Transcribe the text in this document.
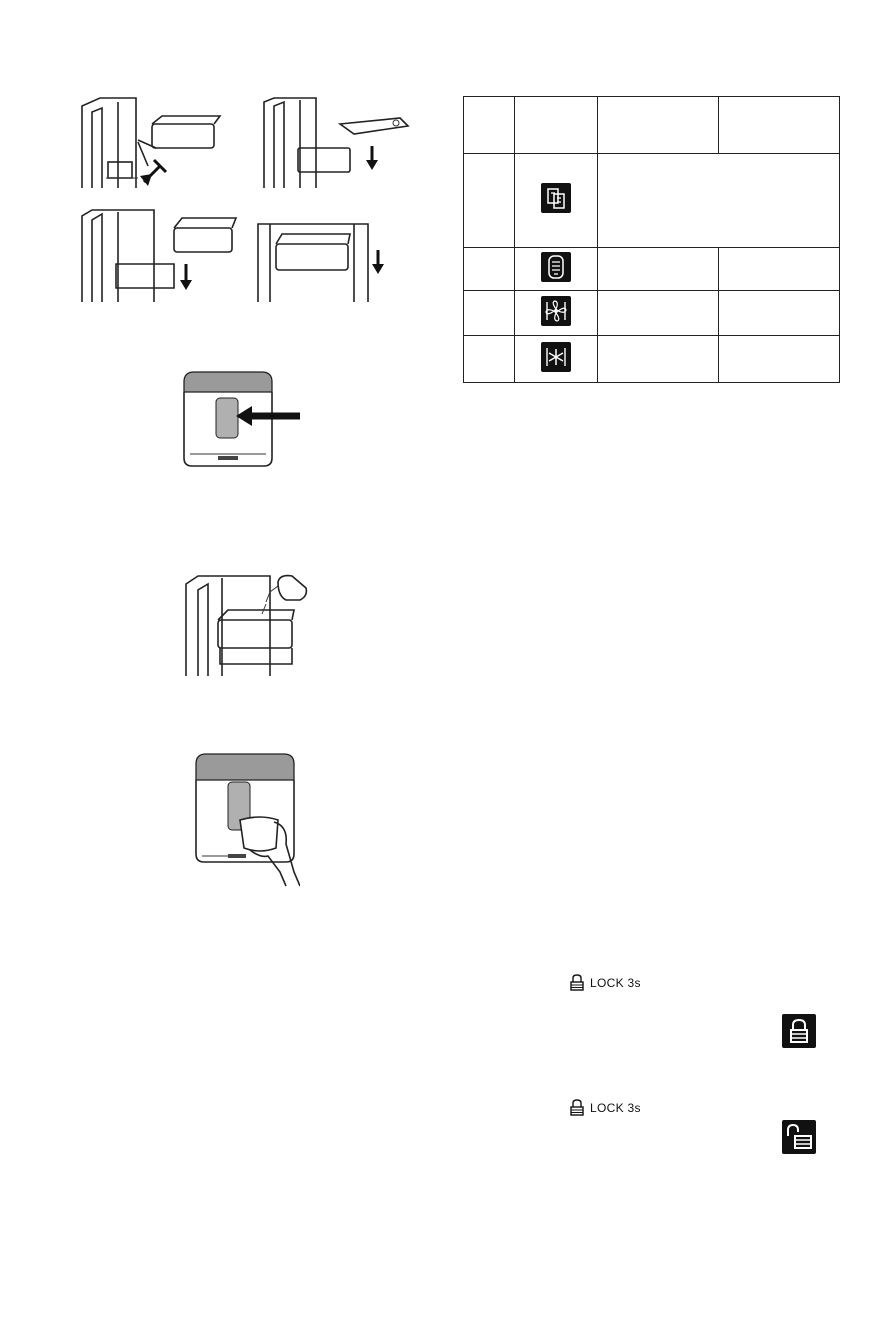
LOCK 3s
LOCK 3s
